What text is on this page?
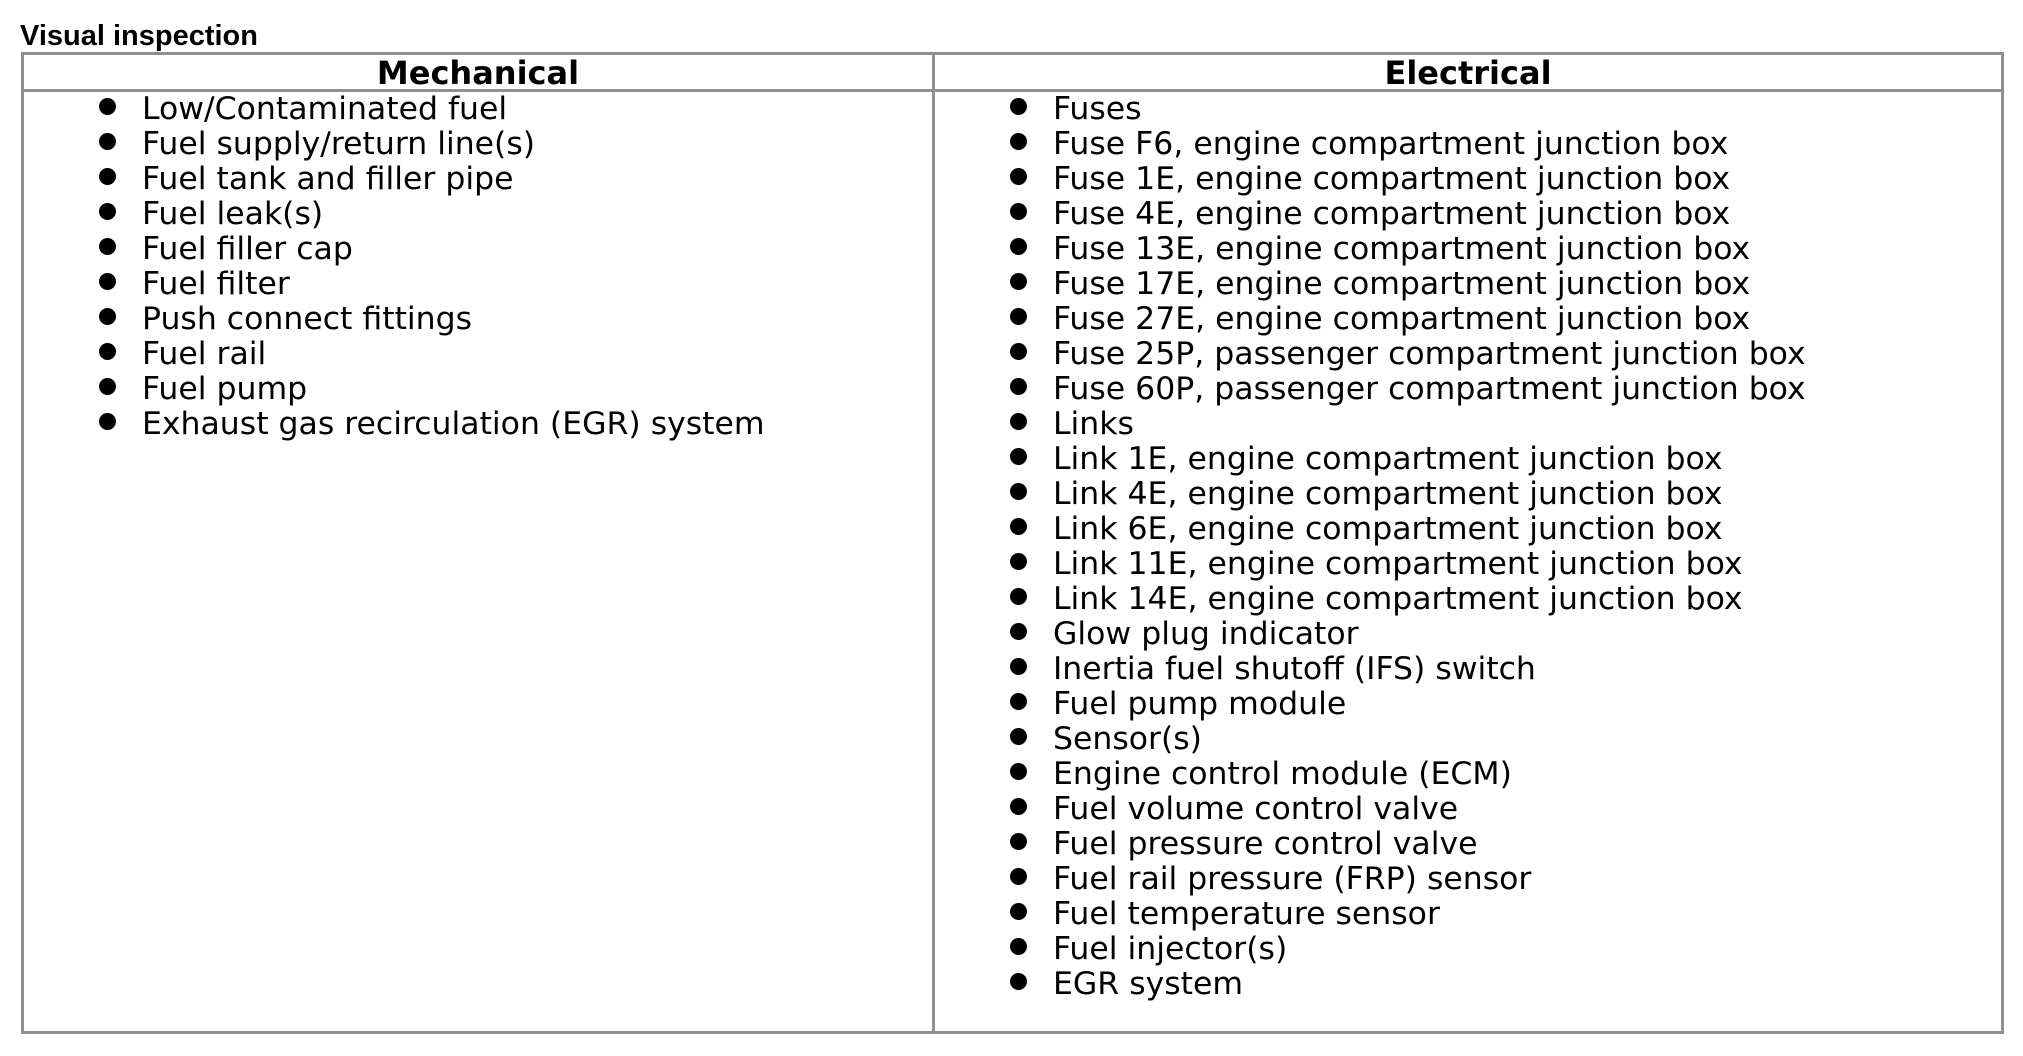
Visual inspection
Mechanical	Electrical
Low/Contaminated fuel
Fuel supply/return line(s)
Fuel tank and filler pipe
Fuel leak(s)
Fuel filler cap
Fuel filter
Push connect fittings
Fuel rail
Fuel pump
Exhaust gas recirculation (EGR) system
Fuses
Fuse F6, engine compartment junction box
Fuse 1E, engine compartment junction box
Fuse 4E, engine compartment junction box
Fuse 13E, engine compartment junction box
Fuse 17E, engine compartment junction box
Fuse 27E, engine compartment junction box
Fuse 25P, passenger compartment junction box
Fuse 60P, passenger compartment junction box
Links
Link 1E, engine compartment junction box
Link 4E, engine compartment junction box
Link 6E, engine compartment junction box
Link 11E, engine compartment junction box
Link 14E, engine compartment junction box
Glow plug indicator
Inertia fuel shutoff (IFS) switch
Fuel pump module
Sensor(s)
Engine control module (ECM)
Fuel volume control valve
Fuel pressure control valve
Fuel rail pressure (FRP) sensor
Fuel temperature sensor
Fuel injector(s)
EGR system
